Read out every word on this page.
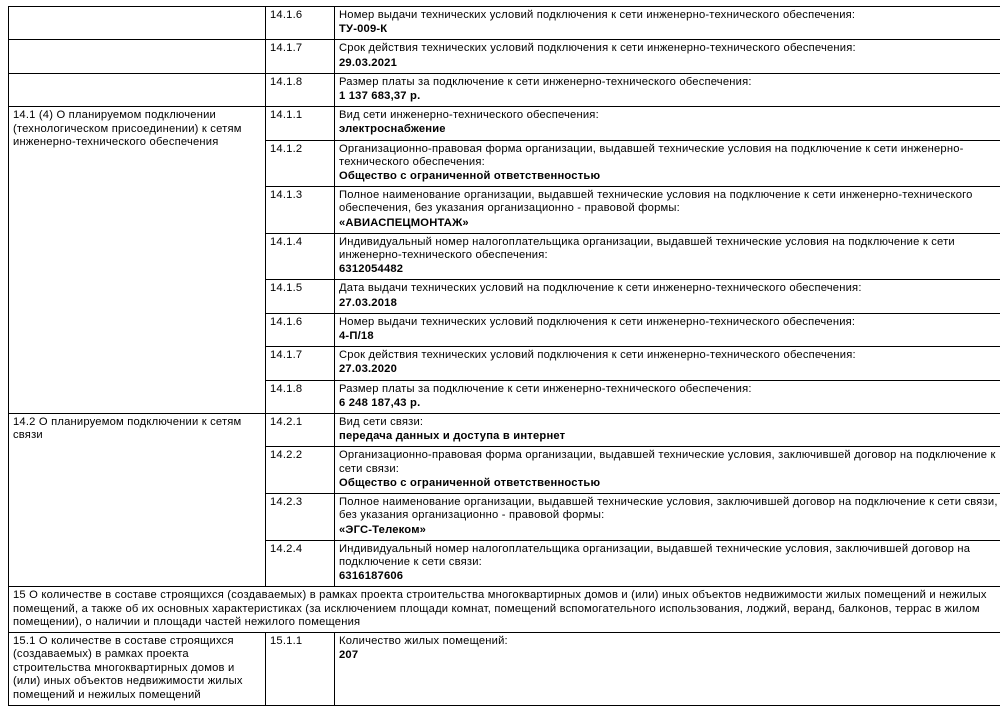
	14.1.6	Номер выдачи технических условий подключения к сети инженерно-технического обеспечения:
ТУ-009-К

	14.1.7	Срок действия технических условий подключения к сети инженерно-технического обеспечения:
29.03.2021

	14.1.8	Размер платы за подключение к сети инженерно-технического обеспечения:
1 137 683,37 р.

14.1 (4) О планируемом подключении (технологическом присоединении) к сетям инженерно-технического обеспечения	14.1.1	Вид сети инженерно-технического обеспечения:
электроснабжение

	14.1.2	Организационно-правовая форма организации, выдавшей технические условия на подключение к сети инженерно-технического обеспечения:
Общество с ограниченной ответственностью

	14.1.3	Полное наименование организации, выдавшей технические условия на подключение к сети инженерно-технического обеспечения, без указания организационно - правовой формы:
«АВИАСПЕЦМОНТАЖ»

	14.1.4	Индивидуальный номер налогоплательщика организации, выдавшей технические условия на подключение к сети инженерно-технического обеспечения:
6312054482

	14.1.5	Дата выдачи технических условий на подключение к сети инженерно-технического обеспечения:
27.03.2018

	14.1.6	Номер выдачи технических условий подключения к сети инженерно-технического обеспечения:
4-П/18

	14.1.7	Срок действия технических условий подключения к сети инженерно-технического обеспечения:
27.03.2020

	14.1.8	Размер платы за подключение к сети инженерно-технического обеспечения:
6 248 187,43 р.

14.2 О планируемом подключении к сетям связи	14.2.1	Вид сети связи:
передача данных и доступа в интернет

	14.2.2	Организационно-правовая форма организации, выдавшей технические условия, заключившей договор на подключение к сети связи:
Общество с ограниченной ответственностью

	14.2.3	Полное наименование организации, выдавшей технические условия, заключившей договор на подключение к сети связи, без указания организационно - правовой формы:
«ЭГС-Телеком»

	14.2.4	Индивидуальный номер налогоплательщика организации, выдавшей технические условия, заключившей договор на подключение к сети связи:
6316187606

15 О количестве в составе строящихся (создаваемых) в рамках проекта строительства многоквартирных домов и (или) иных объектов недвижимости жилых помещений и нежилых помещений, а также об их основных характеристиках (за исключением площади комнат, помещений вспомогательного использования, лоджий, веранд, балконов, террас в жилом помещении), о наличии и площади частей нежилого помещения		
15.1 О количестве в составе строящихся (создаваемых) в рамках проекта строительства многоквартирных домов и (или) иных объектов недвижимости жилых помещений и нежилых помещений	15.1.1	Количество жилых помещений:
207
